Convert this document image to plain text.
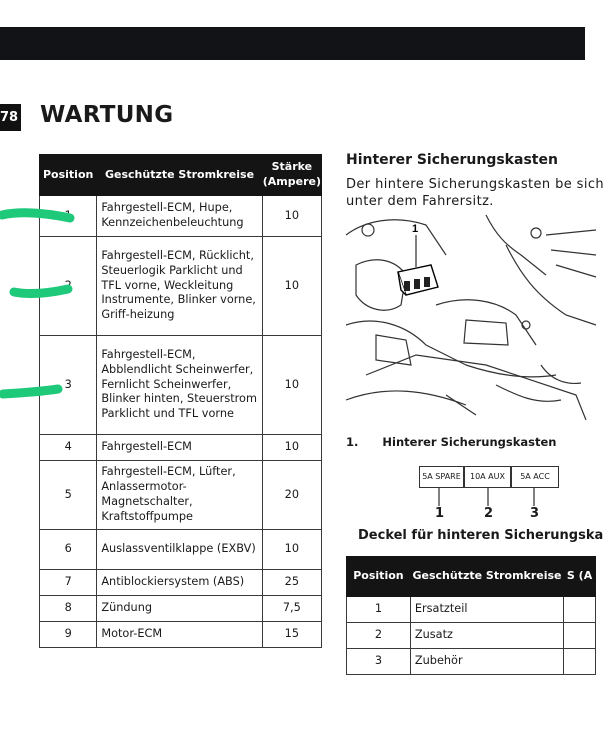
78 WARTUNG
Position	Geschützte Stromkreise	Stärke (Ampere)
1	Fahrgestell-ECM, Hupe, Kennzeichenbeleuchtung	10
2	Fahrgestell-ECM, Rücklicht, Steuerlogik Parklicht und TFL vorne, Weckleitung Instrumente, Blinker vorne, Griff-heizung	10
3	Fahrgestell-ECM, Abblendlicht Scheinwerfer, Fernlicht Scheinwerfer, Blinker hinten, Steuerstrom Parklicht und TFL vorne	10
4	Fahrgestell-ECM	10
5	Fahrgestell-ECM, Lüfter, Anlassermotor-Magnetschalter, Kraftstoffpumpe	20
6	Auslassventilklappe (EXBV)	10
7	Antiblockiersystem (ABS)	25
8	Zündung	7,5
9	Motor-ECM	15
Hinterer Sicherungskasten
Der hintere Sicherungskasten be sich unter dem Fahrersitz.
1
1. Hinterer Sicherungskasten
5A SPARE	10A AUX	5A ACC
1	2	3
Deckel für hinteren Sicherungska
Position	Geschützte Stromkreise	S (A
1	Ersatzteil	
2	Zusatz	
3	Zubehör	
